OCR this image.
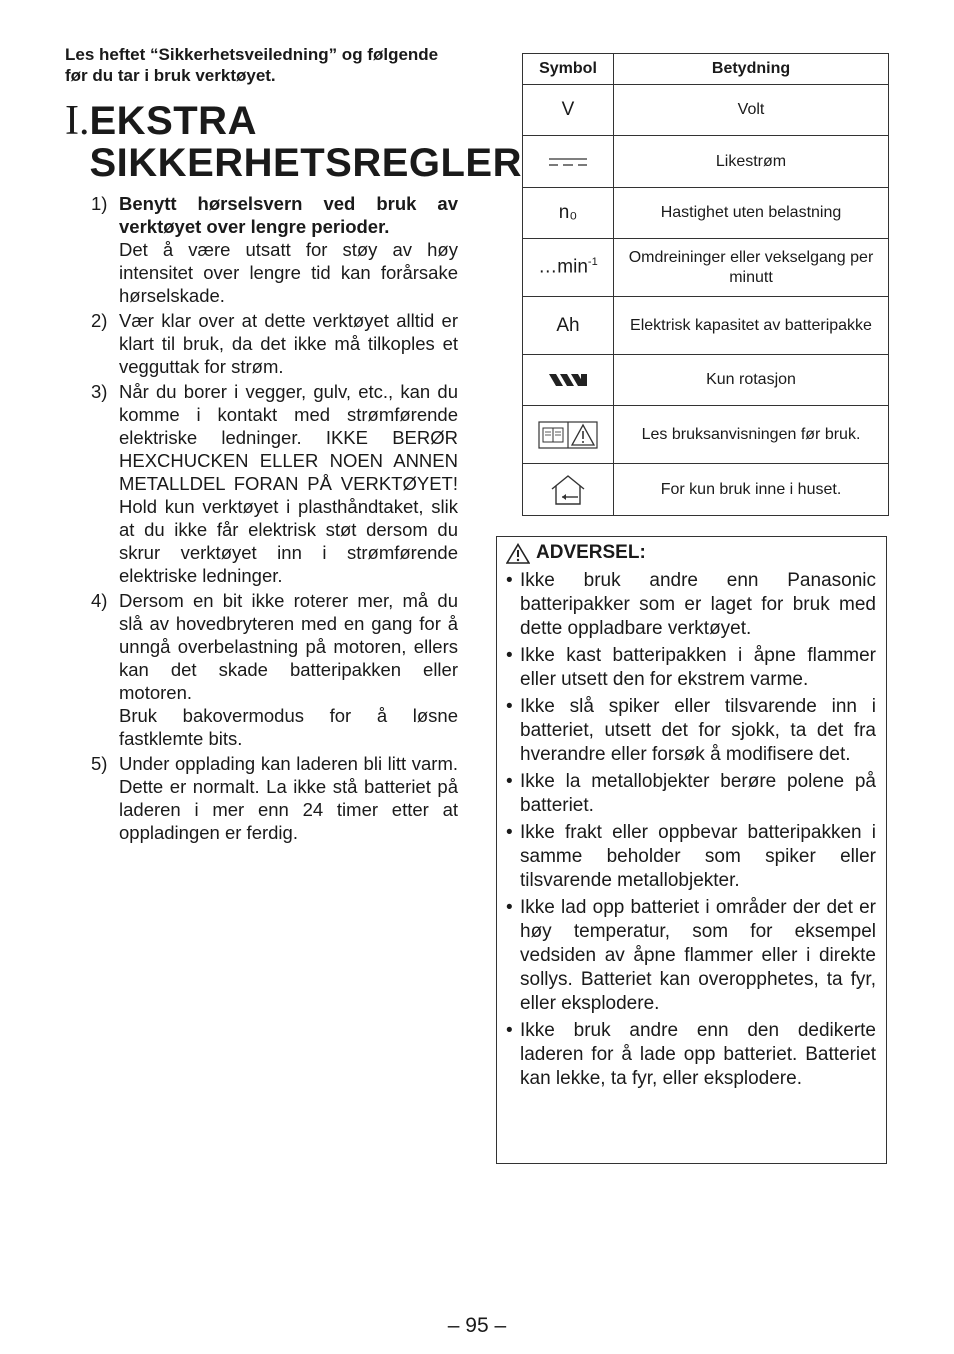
Les heftet “Sikkerhetsveiledning” og følgende før du tar i bruk verktøyet.

I. EKSTRA SIKKERHETSREGLER
1) Benytt hørselsvern ved bruk av verktøyet over lengre perioder.

Det å være utsatt for støy av høy intensitet over lengre tid kan forårsake hørselskade.

2) Vær klar over at dette verktøyet alltid er klart til bruk, da det ikke må tilkoples et vegguttak for strøm.

3) Når du borer i vegger, gulv, etc., kan du komme i kontakt med strømførende elektriske ledninger. IKKE BERØR HEXCHUCKEN ELLER NOEN ANNEN METALLDEL FORAN PÅ VERKTØYET! Hold kun verktøyet i plasthåndtaket, slik at du ikke får elektrisk støt dersom du skrur verktøyet inn i strømførende elektriske ledninger.

4) Dersom en bit ikke roterer mer, må du slå av hovedbryteren med en gang for å unngå overbelastning på motoren, ellers kan det skade batteripakken eller motoren.

Bruk bakovermodus for å løsne fastklemte bits.

5) Under opplading kan laderen bli litt varm. Dette er normalt. La ikke stå batteriet på laderen i mer enn 24 timer etter at oppladingen er ferdig.

Symbol	Betydning
V	Volt

	Likestrøm
n₀	Hastighet uten belastning
$\dots\min^{-1}$	Omdreininger eller vekselgang per minutt
Ah	Elektrisk kapasitet av batteripakke

	Kun rotasjon

	Les bruksanvisningen før bruk.

	For kun bruk inne i huset.
ADVERSEL:
• Ikke bruk andre enn Panasonic batteripakker som er laget for bruk med dette oppladbare verktøyet.
• Ikke kast batteripakken i åpne flammer eller utsett den for ekstrem varme.
• Ikke slå spiker eller tilsvarende inn i batteriet, utsett det for sjokk, ta det fra hverandre eller forsøk å modifisere det.
• Ikke la metallobjekter berøre polene på batteriet.
• Ikke frakt eller oppbevar batteripakken i samme beholder som spiker eller tilsvarende metallobjekter.
• Ikke lad opp batteriet i områder der det er høy temperatur, som for eksempel vedsiden av åpne flammer eller i direkte sollys. Batteriet kan overopphetes, ta fyr, eller eksplodere.
• Ikke bruk andre enn den dedikerte laderen for å lade opp batteriet. Batteriet kan lekke, ta fyr, eller eksplodere.
– 95 –
